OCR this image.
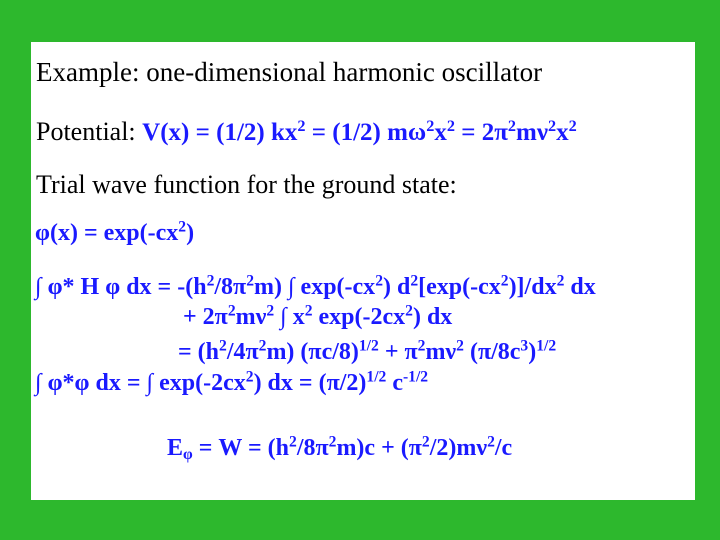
Example: one-dimensional harmonic oscillator
Potential: V(x) = (1/2) $kx^2 = (1/2) m\omega^2x^2 = 2\pi^2m\nu^2x^2$
Trial wave function for the ground state:
$\varphi(x) = \exp(-cx^2)$
∫ φ* H φ dx = $-(h^2/8\pi^2m)$ ∫ $\exp(-cx^2)$ $d^2[\exp(-cx^2)]/dx^2$ dx
+ $2\pi^2m\nu^2$ ∫ $x^2$ $\exp(-2cx^2)$ dx
= $(h^2/4\pi^2m) (\pi c/8)^{1/2} + \pi^2m\nu^2$ $(\pi/8c^3)^{1/2}$
∫ φ*φ dx = ∫ $\exp(-2cx^2)$ dx = $(\pi/2)^{1/2}$ $c^{-1/2}$
$E_\varphi = W = (h^2/8\pi^2m)c + (\pi^2/2)m\nu^2/c$
